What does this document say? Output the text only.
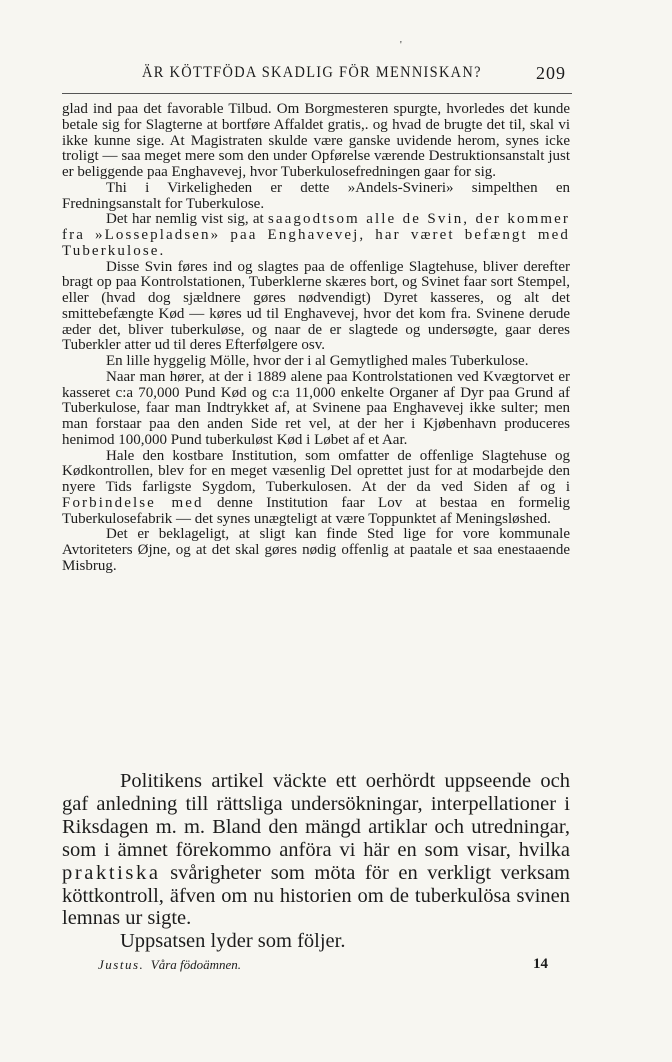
'
ÄR KÖTTFÖDA SKADLIG FÖR MENNISKAN?	209

glad ind paa det favorable Tilbud. Om Borgmesteren spurgte, hvorledes det kunde betale sig for Slagterne at bortføre Affaldet gratis,. og hvad de brugte det til, skal vi ikke kunne sige. At Magistraten skulde være ganske uvidende herom, synes icke troligt — saa meget mere som den under Opførelse værende Destruktionsanstalt just er beliggende paa Enghavevej, hvor Tuberkulosefredningen gaar for sig.

Thi i Virkeligheden er dette »Andels-Svineri» simpelthen en Fredningsanstalt for Tuberkulose.

Det har nemlig vist sig, at saagodtsom alle de Svin, der kommer fra »Lossepladsen» paa Enghavevej, har været befængt med Tuberkulose.

Disse Svin føres ind og slagtes paa de offenlige Slagtehuse, bliver derefter bragt op paa Kontrolstationen, Tuberklerne skæres bort, og Svinet faar sort Stempel, eller (hvad dog sjældnere gøres nødvendigt) Dyret kasseres, og alt det smittebefængte Kød — køres ud til Enghavevej, hvor det kom fra. Svinene derude æder det, bliver tuberkuløse, og naar de er slagtede og undersøgte, gaar deres Tuberkler atter ud til deres Efterfølgere osv.

En lille hyggelig Mölle, hvor der i al Gemytlighed males Tuberkulose.

Naar man hører, at der i 1889 alene paa Kontrolstationen ved Kvægtorvet er kasseret c:a 70,000 Pund Kød og c:a 11,000 enkelte Organer af Dyr paa Grund af Tuberkulose, faar man Indtrykket af, at Svinene paa Enghavevej ikke sulter; men man forstaar paa den anden Side ret vel, at der her i Kjøbenhavn produceres henimod 100,000 Pund tuberkuløst Kød i Løbet af et Aar.

Hale den kostbare Institution, som omfatter de offenlige Slagtehuse og Kødkontrollen, blev for en meget væsenlig Del oprettet just for at modarbejde den nyere Tids farligste Sygdom, Tuberkulosen. At der da ved Siden af og i Forbindelse med denne Institution faar Lov at bestaa en formelig Tuberkulosefabrik — det synes unægteligt at være Toppunktet af Meningsløshed.

Det er beklageligt, at sligt kan finde Sted lige for vore kommunale Avtoriteters Øjne, og at det skal gøres nødig offenlig at paatale et saa enestaaende Misbrug.

Politikens artikel väckte ett oerhördt uppseende och gaf anledning till rättsliga undersökningar, interpellationer i Riksdagen m. m. Bland den mängd artiklar och utredningar, som i ämnet förekommo anföra vi här en som visar, hvilka praktiska svårigheter som möta för en verkligt verksam köttkontroll, äfven om nu historien om de tuberkulösa svinen lemnas ur sigte.

Uppsatsen lyder som följer.

Justus. Våra födoämnen.	14
